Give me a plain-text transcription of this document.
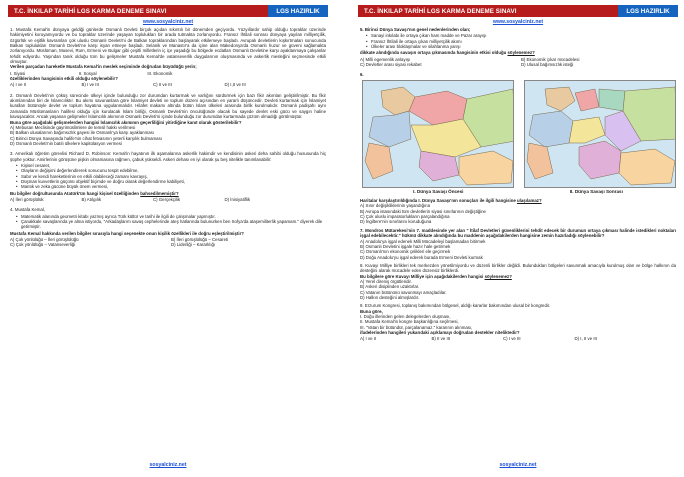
T.C. İNKILAP TARİHİ LGS KARMA DENEME SINAVI	LGS HAZIRLIK
www.sosyalciniz.net

1. Mustafa Kemal'in dünyaya geldiği günlerde Osmanlı Devleti birçok açıdan sıkıntılı bir dönemden geçiyordu. Yüzyıllardır sahip olduğu topraklar üzerinde hakimiyetini koruyamıyordu ve bu topraklar üzerinde yaşayan toplulukları bir arada tutmakta zorlanıyordu. Fransız İhtilali sonrası dünyaya yayılan milliyetçilik, özgürlük ve eşitlik kavramları çok uluslu Osmanlı Devleti'ni de Balkan topraklarından başlayarak etkilemeye başladı. Avrupalı devletlerin kışkırtmaları sonucunda Balkan toplulukları Osmanlı Devleti'ne karşı isyan etmeye başladı. Selanik ve Manastır'a da içine alan Makedonya'da Osmanlı huzur ve güveni sağlamakta zorlanıyordu. Müslüman, Musevi, Rum, Ermeni ve Bulgar gibi çeşitli milletlerin iç içe yaşadığı bu bölgede ecdatları Osmanlı Devletine karşı ayaklanmaya çalışanlar tehdit ediyordu. Yaşından tanık olduğu tüm bu gelişmeler Mustafa Kemal'de vatanseverlik duygularının oluşmasında ve askerlik mesleğini seçmesinde etkili olmuştur.

Verilen parçadan hareketle Mustafa Kemal'in meslek seçiminde doğrudan büyüdüğü yerin;

I. Siyasi	II. Sosyal	III. Ekonomik

özelliklerinden hangisinin etkili olduğu söylenebilir?

A) I ve II	B) I ve III	C) II ve III	D) I,II ve III

2. Osmanlı Devleti'nin çöküş sürecinde ülkeyi içinde bulunduğu zor durumdan kurtarmak ve varlığını sürdürmek için bazı fikir akımları geliştirilmiştir. Bu fikir akımlarından biri de İslamcılıktır. Bu akımı savunanlara göre İslamiyet devleti ve toplum düzeni açısından en yararlı düşüncedir. Devleti kurtarmak için İslamiyet kuralları bütünüyle devlet ve toplum hayatına uygulanmalıdır. Hilafet makamı altında bütün İslam ülkeleri arasında birlik kurulmalıdır. Osmanlı padişahı aynı zamanda Müslümanların halifesi olduğu için kurulacak İslam birliği, Osmanlı Devleti'nin önculüğünde olacak bu sayede devlet eski gücü ve saygın haline kavuşacaktır. Ancak yaşanan gelişmeler İslamcılık akımının Osmanlı Devleti'ni içinde bulunduğu zor durumdan kurtarmada çözüm olmadığı görülmüştür.

Buna göre aşağıdaki gelişmelerden hangisi İslamcılık akımının geçerliliğini yitirdiğine kanıt olarak gösterilebilir?

A) Mebusan Meclisinde gayrimüslimlere de temsil hakkı verilmesi
B) Balkan ulusalarının bağımsızlık gayesi ile Osmanlı'ya karşı ayaklanması
C) Birinci Dünya Savaşında halife'nin cihat fetvasının yeterli karşılık bulmaması
D) Osmanlı Devleti'nin batılı ülkelere kapitülasyon vermesi

3. Amerikalı öğretim görevlisi Richard D. Robinson: Kemal'in hayatının ilk aşamalarına askerlik hakimdir ve kendisinin askeri deha sahibi olduğu hususunda hiç şüphe yoktur. Amirlerinin görüşüne pişkin olmamasına rağmen, çabuk yükseldi. Askeri dehası en iyi olarak şu beş nitelikle tanımlanabilir:

• Kişisel cesaret,
• Olayların değişimi değerlendirerek sonucunu tespit edebilme,
• Sabır ve kendi hareketlerinin en etkili olabileceği zamanı kavrayış,
• Düşman kuvvetlerin güçünü objektif biçimde ve doğru olarak değerlendirme kabiliyeti,
• Mantık ve zeka gücüne büyük önem vermesi,

Bu bilgiler doğrultusunda Atatürk'ün hangi kişisel özelliğinden bahsedilmemiştir?

A) İleri görüşlülük	B) Atılgılık	C) Gerçekçilik	D) İnisiyatiflik

4. Mustafa Kemal,

• Matematik alanında geometri kitabı yazmış ayrıca Türk kültür ve tarihi ile ilgili de çalışmalar yapmıştır.
• Çanakkale savaşlarında ye alma istiyordu, "Arkadaşlarım savaş cephelerinde ateş hatlarında bulunurken ben Sofya'da ataşemiliterlik yapamam." diyerek dile getirmiştir.

Mustafa Kemal hakkında verilen bilgiler sırasıyla hangi seçenekte onun kişilik özellikleri ile doğru eşleştirilmiştir?

A) Çok yönlülüğü – İleri görüşlülüğü	B) İleri görüşlülüğü – Cesareti
C) Çok yönlülüğü – Vatanseverliği	D) Liderliği – Kararlılığı
sosyalciniz.net
T.C. İNKILAP TARİHİ LGS KARMA DENEME SINAVI	LGS HAZIRLIK
www.sosyalciniz.net

5. Birinci Dünya Savaşı'nın genel nedenlerinden olan;

• Sanayi inkılabı ile ortaya çıkan ham madde ve Pazar arayışı
• Fransız İhtilali ile ortaya çıkan milliyetçilik akımı
• Ülkeler arası bloklaşmalar ve silahlanma yarışı

dikkate alındığında savaşın ortaya çıkmasında hangisinin etkisi olduğu söylenemez?

A) Milli egemenlik anlayışı	B) Ekonomik çıkar mücadelesi
C) Devletler arası siyasi rekabet	D) Ulusal bağımsızlık isteği

6.

I. Dünya Savaşı Öncesi	II. Dünya Savaşı Sonrası

Haritalar karşılaştırıldığında I. Dünya Savaşı'nın sonuçları ile ilgili hangisine ulaşılamaz?

A) Sınır değişikliklerinin yaşandığına
B) Avrupa istasındaki tüm devletlerin siyasi sınırlarının değiştiğine
C) Çok uluslu imparatorlukların parçalandığına
D) İngiltere'nin sınırlarını koruduğuna

7. Mondros Mütarekesi'nin 7. maddesinde yer alan " İtilaf Devletleri güvenliklerini tehdit edecek bir durumun ortaya çıkması halinde istedikleri noktaları işgal edebilecektir." hükmü dikkate alındığında bu maddenin aşağıdakilerden hangisine zemin hazırladığı söylenebilir?

A) Anadolu'ya işgal edenek Milli Mücadeleyi başlamadan bitirmek
B) Osmanlı Devletini işgale hazır hale getirmek
C) Osmanlı'nın ekonomik çelikleri ele geçirmek
D) Doğu Anadolu'yu işgal ederek burada Ermeni Devleti kurmak

8. Kuvayı Milliye birlikleri tek merkezden yönetilmiyordu ve düzenli birlikler değildi. Bulundukları bölgeleri savunmak amacıyla kurulmuş olan ve bölge halkının da desteğini alarak mücadele eden düzensiz birliklerdi.

Bu bilgilere göre Kuvayı Milliye için aşağıdakilerden hangisi söylenemez?

A) Yerel direniş örgütleridir.
B) Askeri disiplinden uzaktırlar.
C) Vatanın bütününü savunmayı amaçladılar.
D) Halkın desteğini almışlardır.

9. Erzurum Kongresi, toplanış bakımından bölgesel, aldığı kararlar bakımından ulusal bir kongredir.

Buna göre,

I. Doğu illerinden gelen delegelerden oluşması,
II. Mustafa Kemal'in kongre başkanlığına seçilmesi,
III. "Vatan bir bütündür, parçalanamaz." kararının alınması,

ifadelerinden hangileri yukarıdaki açıklamayı doğrudan destekler niteliktedir?

A) I ve II	B) II ve III	C) I ve III	D) I, II ve III
sosyalciniz.net
